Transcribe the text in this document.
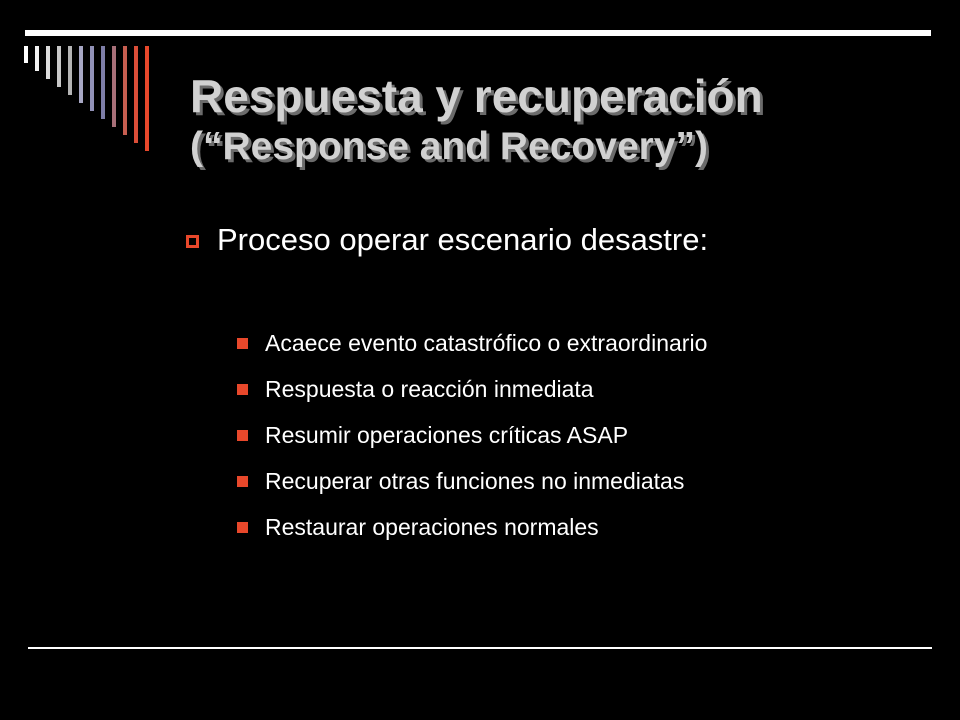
Respuesta y recuperación
(“Response and Recovery”)
Proceso operar escenario desastre:
Acaece evento catastrófico o extraordinario
Respuesta o reacción inmediata
Resumir operaciones críticas ASAP
Recuperar otras funciones no inmediatas
Restaurar operaciones normales
